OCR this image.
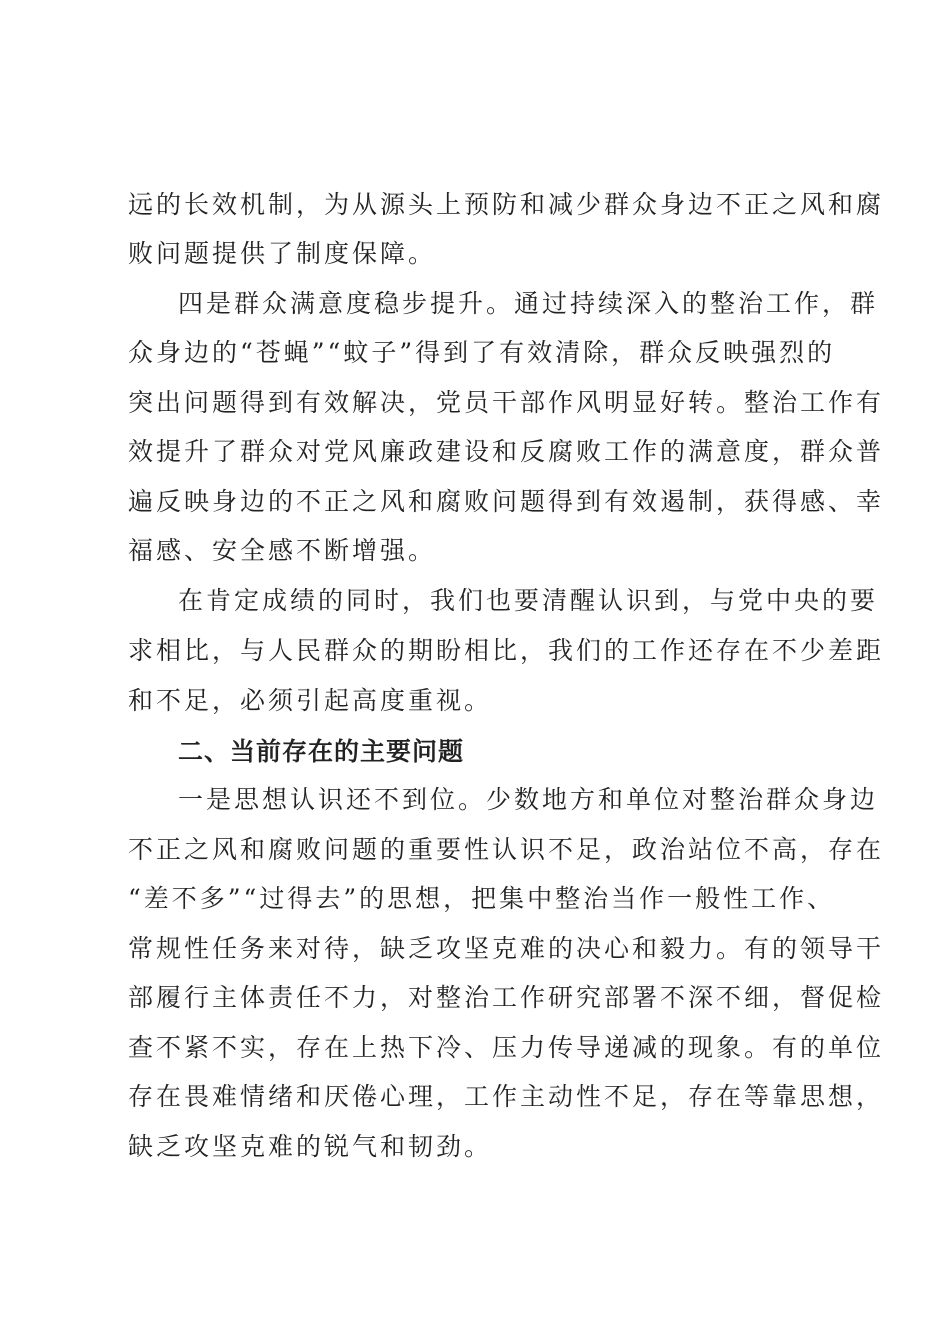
远的长效机制，为从源头上预防和减少群众身边不正之风和腐
败问题提供了制度保障。
四是群众满意度稳步提升。通过持续深入的整治工作，群
众身边的“苍蝇”“蚊子”得到了有效清除，群众反映强烈的
突出问题得到有效解决，党员干部作风明显好转。整治工作有
效提升了群众对党风廉政建设和反腐败工作的满意度，群众普
遍反映身边的不正之风和腐败问题得到有效遏制，获得感、幸
福感、安全感不断增强。
在肯定成绩的同时，我们也要清醒认识到，与党中央的要
求相比，与人民群众的期盼相比，我们的工作还存在不少差距
和不足，必须引起高度重视。
二、当前存在的主要问题
一是思想认识还不到位。少数地方和单位对整治群众身边
不正之风和腐败问题的重要性认识不足，政治站位不高，存在
“差不多”“过得去”的思想，把集中整治当作一般性工作、
常规性任务来对待，缺乏攻坚克难的决心和毅力。有的领导干
部履行主体责任不力，对整治工作研究部署不深不细，督促检
查不紧不实，存在上热下冷、压力传导递减的现象。有的单位
存在畏难情绪和厌倦心理，工作主动性不足，存在等靠思想，
缺乏攻坚克难的锐气和韧劲。
